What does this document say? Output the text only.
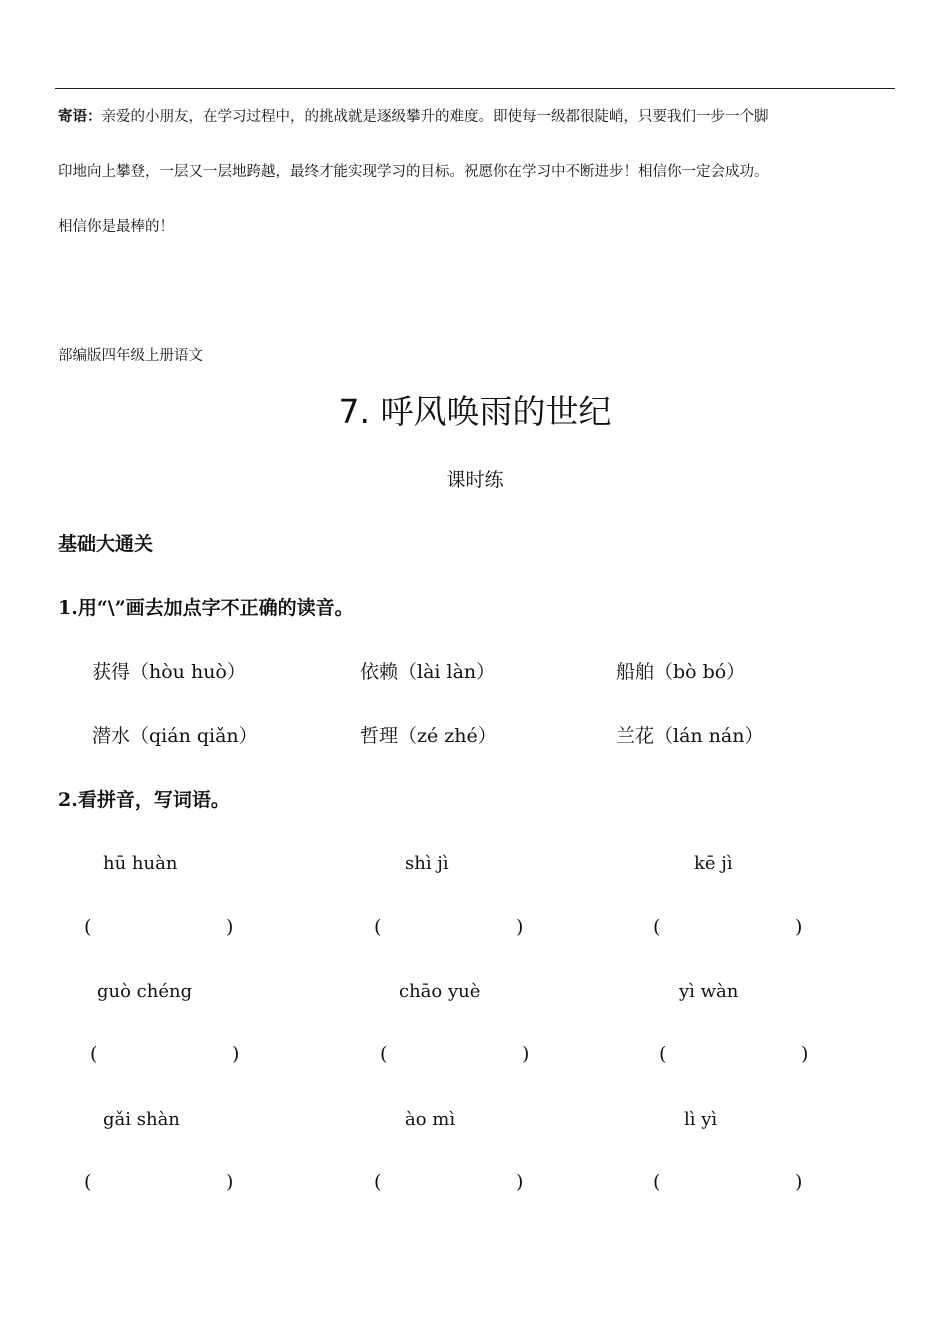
寄语：亲爱的小朋友，在学习过程中，的挑战就是逐级攀升的难度。即使每一级都很陡峭，只要我们一步一个脚
印地向上攀登，一层又一层地跨越，最终才能实现学习的目标。祝愿你在学习中不断进步！相信你一定会成功。
相信你是最棒的！
部编版四年级上册语文
7. 呼风唤雨的世纪
课时练
基础大通关
1.用“\”画去加点字不正确的读音。
获得（hòu huò）	依赖（lài làn）	船舶（bò bó）
潜水（qián qiǎn）	哲理（zé zhé）	兰花（lán nán）
2.看拼音，写词语。
hū huàn	shì jì	kē jì
(	)	(	)	(	)
guò chéng	chāo yuè	yì wàn
(	)	(	)	(	)
gǎi shàn	ào mì	lì yì
(	)	(	)	(	)
